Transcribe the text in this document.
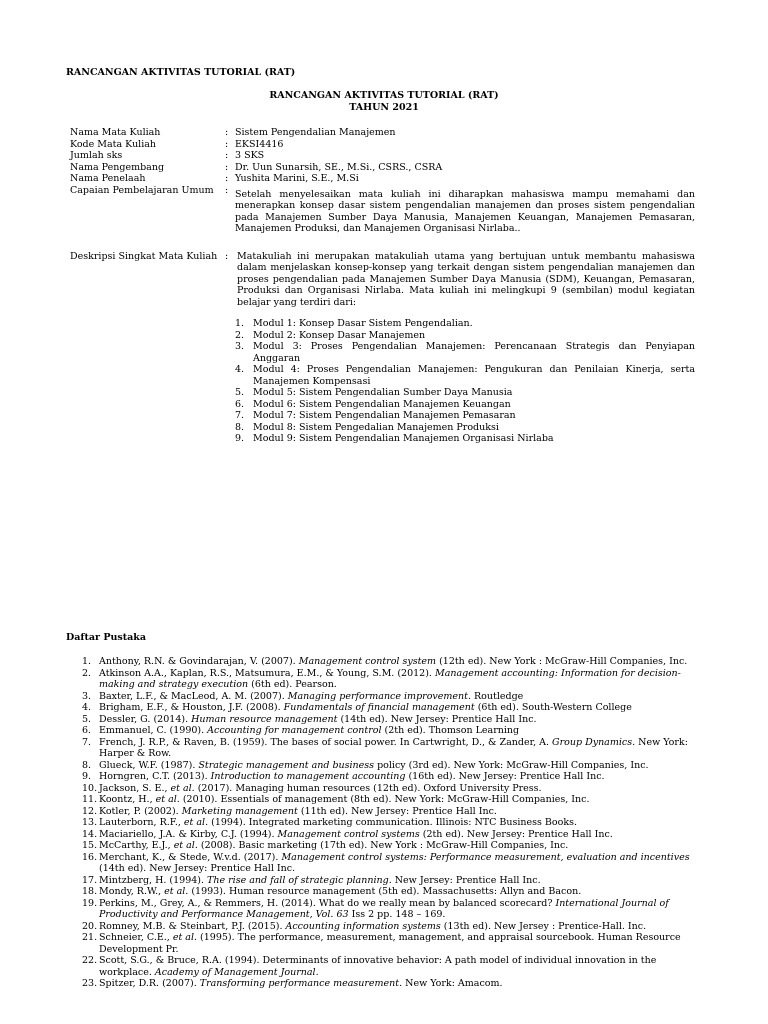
RANCANGAN AKTIVITAS TUTORIAL (RAT)
RANCANGAN AKTIVITAS TUTORIAL (RAT)
TAHUN 2021
Nama Mata Kuliah	: Sistem Pengendalian Manajemen
Kode Mata Kuliah	: EKSI4416
Jumlah sks	: 3 SKS
Nama Pengembang	: Dr. Uun Sunarsih, SE., M.Si., CSRS., CSRA
Nama Penelaah	: Yushita Marini, S.E., M.Si
Capaian Pembelajaran Umum	: Setelah menyelesaikan mata kuliah ini diharapkan mahasiswa mampu memahami dan menerapkan konsep dasar sistem pengendalian manajemen dan proses sistem pengendalian pada Manajemen Sumber Daya Manusia, Manajemen Keuangan, Manajemen Pemasaran, Manajemen Produksi, dan Manajemen Organisasi Nirlaba..
Deskripsi Singkat Mata Kuliah : Matakuliah ini merupakan matakuliah utama yang bertujuan untuk membantu mahasiswa dalam menjelaskan konsep-konsep yang terkait dengan sistem pengendalian manajemen dan proses pengendalian pada Manajemen Sumber Daya Manusia (SDM), Keuangan, Pemasaran, Produksi dan Organisasi Nirlaba. Mata kuliah ini melingkupi 9 (sembilan) modul kegiatan belajar yang terdiri dari:
1. Modul 1: Konsep Dasar Sistem Pengendalian.
2. Modul 2: Konsep Dasar Manajemen
3. Modul 3: Proses Pengendalian Manajemen: Perencanaan Strategis dan Penyiapan Anggaran
4. Modul 4: Proses Pengendalian Manajemen: Pengukuran dan Penilaian Kinerja, serta Manajemen Kompensasi
5. Modul 5: Sistem Pengendalian Sumber Daya Manusia
6. Modul 6: Sistem Pengendalian Manajemen Keuangan
7. Modul 7: Sistem Pengendalian Manajemen Pemasaran
8. Modul 8: Sistem Pengedalian Manajemen Produksi
9. Modul 9: Sistem Pengendalian Manajemen Organisasi Nirlaba
Daftar Pustaka
1. Anthony, R.N. & Govindarajan, V. (2007). Management control system (12th ed). New York : McGraw-Hill Companies, Inc.
2. Atkinson A.A., Kaplan, R.S., Matsumura, E.M., & Young, S.M. (2012). Management accounting: Information for decision-making and strategy execution (6th ed). Pearson.
3. Baxter, L.F., & MacLeod, A. M. (2007). Managing performance improvement. Routledge
4. Brigham, E.F., & Houston, J.F. (2008). Fundamentals of financial management (6th ed). South-Western College
5. Dessler, G. (2014). Human resource management (14th ed). New Jersey: Prentice Hall Inc.
6. Emmanuel, C. (1990). Accounting for management control (2th ed). Thomson Learning
7. French, J. R.P., & Raven, B. (1959). The bases of social power. In Cartwright, D., & Zander, A. Group Dynamics. New York: Harper & Row.
8. Glueck, W.F. (1987). Strategic management and business policy (3rd ed). New York: McGraw-Hill Companies, Inc.
9. Horngren, C.T. (2013). Introduction to management accounting (16th ed). New Jersey: Prentice Hall Inc.
10. Jackson, S. E., et al. (2017). Managing human resources (12th ed). Oxford University Press.
11. Koontz, H., et al. (2010). Essentials of management (8th ed). New York: McGraw-Hill Companies, Inc.
12. Kotler, P. (2002). Marketing management (11th ed). New Jersey: Prentice Hall Inc.
13. Lauterborn, R.F., et al. (1994). Integrated marketing communication. Illinois: NTC Business Books.
14. Maciariello, J.A. & Kirby, C.J. (1994). Management control systems (2th ed). New Jersey: Prentice Hall Inc.
15. McCarthy, E.J., et al. (2008). Basic marketing (17th ed). New York : McGraw-Hill Companies, Inc.
16. Merchant, K., & Stede, W.v.d. (2017). Management control systems: Performance measurement, evaluation and incentives (14th ed). New Jersey: Prentice Hall Inc.
17. Mintzberg, H. (1994). The rise and fall of strategic planning. New Jersey: Prentice Hall Inc.
18. Mondy, R.W., et al. (1993). Human resource management (5th ed). Massachusetts: Allyn and Bacon.
19. Perkins, M., Grey, A., & Remmers, H. (2014). What do we really mean by balanced scorecard? International Journal of Productivity and Performance Management, Vol. 63 Iss 2 pp. 148 – 169.
20. Romney, M.B. & Steinbart, P.J. (2015). Accounting information systems (13th ed). New Jersey : Prentice-Hall. Inc.
21. Schneier, C.E., et al. (1995). The performance, measurement, management, and appraisal sourcebook. Human Resource Development Pr.
22. Scott, S.G., & Bruce, R.A. (1994). Determinants of innovative behavior: A path model of individual innovation in the workplace. Academy of Management Journal.
23. Spitzer, D.R. (2007). Transforming performance measurement. New York: Amacom.
